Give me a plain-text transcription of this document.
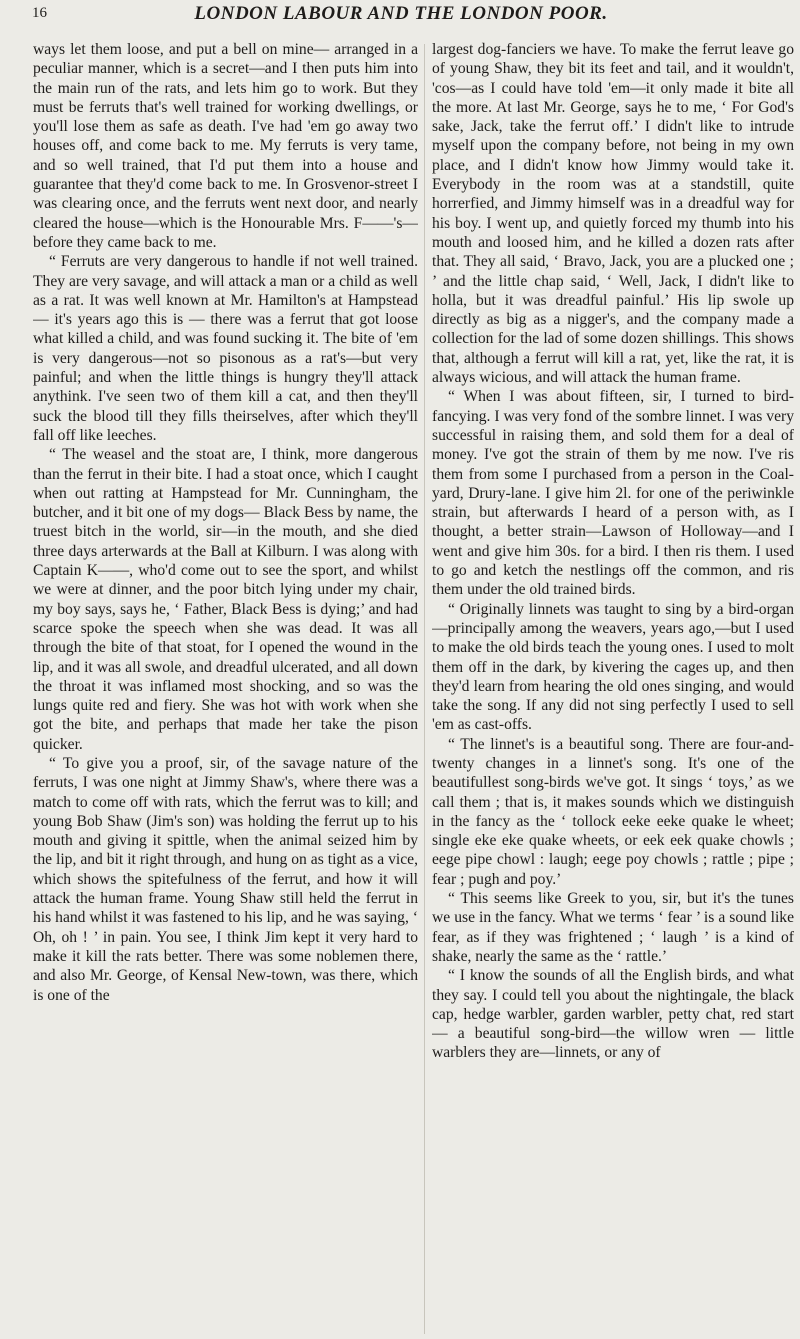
16	LONDON LABOUR AND THE LONDON POOR.

ways let them loose, and put a bell on mine— arranged in a peculiar manner, which is a secret—and I then puts him into the main run of the rats, and lets him go to work. But they must be ferruts that's well trained for working dwellings, or you'll lose them as safe as death. I've had 'em go away two houses off, and come back to me. My ferruts is very tame, and so well trained, that I'd put them into a house and guarantee that they'd come back to me. In Grosvenor-street I was clearing once, and the ferruts went next door, and nearly cleared the house—which is the Honourable Mrs. F——'s—before they came back to me.

“ Ferruts are very dangerous to handle if not well trained. They are very savage, and will attack a man or a child as well as a rat. It was well known at Mr. Hamilton's at Hampstead — it's years ago this is — there was a ferrut that got loose what killed a child, and was found sucking it. The bite of 'em is very dangerous—not so pisonous as a rat's—but very painful; and when the little things is hungry they'll attack anythink. I've seen two of them kill a cat, and then they'll suck the blood till they fills theirselves, after which they'll fall off like leeches.

“ The weasel and the stoat are, I think, more dangerous than the ferrut in their bite. I had a stoat once, which I caught when out ratting at Hampstead for Mr. Cunningham, the butcher, and it bit one of my dogs— Black Bess by name, the truest bitch in the world, sir—in the mouth, and she died three days arterwards at the Ball at Kilburn. I was along with Captain K——, who'd come out to see the sport, and whilst we were at dinner, and the poor bitch lying under my chair, my boy says, says he, ‘ Father, Black Bess is dying;’ and had scarce spoke the speech when she was dead. It was all through the bite of that stoat, for I opened the wound in the lip, and it was all swole, and dreadful ulcerated, and all down the throat it was inflamed most shocking, and so was the lungs quite red and fiery. She was hot with work when she got the bite, and perhaps that made her take the pison quicker.

“ To give you a proof, sir, of the savage nature of the ferruts, I was one night at Jimmy Shaw's, where there was a match to come off with rats, which the ferrut was to kill; and young Bob Shaw (Jim's son) was holding the ferrut up to his mouth and giving it spittle, when the animal seized him by the lip, and bit it right through, and hung on as tight as a vice, which shows the spitefulness of the ferrut, and how it will attack the human frame. Young Shaw still held the ferrut in his hand whilst it was fastened to his lip, and he was saying, ‘ Oh, oh ! ’ in pain. You see, I think Jim kept it very hard to make it kill the rats better. There was some noblemen there, and also Mr. George, of Kensal New-town, was there, which is one of the

largest dog-fanciers we have. To make the ferrut leave go of young Shaw, they bit its feet and tail, and it wouldn't, 'cos—as I could have told 'em—it only made it bite all the more. At last Mr. George, says he to me, ‘ For God's sake, Jack, take the ferrut off.’ I didn't like to intrude myself upon the company before, not being in my own place, and I didn't know how Jimmy would take it. Everybody in the room was at a standstill, quite horrerfied, and Jimmy himself was in a dreadful way for his boy. I went up, and quietly forced my thumb into his mouth and loosed him, and he killed a dozen rats after that. They all said, ‘ Bravo, Jack, you are a plucked one ; ’ and the little chap said, ‘ Well, Jack, I didn't like to holla, but it was dreadful painful.’ His lip swole up directly as big as a nigger's, and the company made a collection for the lad of some dozen shillings. This shows that, although a ferrut will kill a rat, yet, like the rat, it is always wicious, and will attack the human frame.

“ When I was about fifteen, sir, I turned to bird-fancying. I was very fond of the sombre linnet. I was very successful in raising them, and sold them for a deal of money. I've got the strain of them by me now. I've ris them from some I purchased from a person in the Coal-yard, Drury-lane. I give him 2l. for one of the periwinkle strain, but afterwards I heard of a person with, as I thought, a better strain—Lawson of Holloway—and I went and give him 30s. for a bird. I then ris them. I used to go and ketch the nestlings off the common, and ris them under the old trained birds.

“ Originally linnets was taught to sing by a bird-organ—principally among the weavers, years ago,—but I used to make the old birds teach the young ones. I used to molt them off in the dark, by kivering the cages up, and then they'd learn from hearing the old ones singing, and would take the song. If any did not sing perfectly I used to sell 'em as cast-offs.

“ The linnet's is a beautiful song. There are four-and-twenty changes in a linnet's song. It's one of the beautifullest song-birds we've got. It sings ‘ toys,’ as we call them ; that is, it makes sounds which we distinguish in the fancy as the ‘ tollock eeke eeke quake le wheet; single eke eke quake wheets, or eek eek quake chowls ; eege pipe chowl : laugh; eege poy chowls ; rattle ; pipe ; fear ; pugh and poy.’

“ This seems like Greek to you, sir, but it's the tunes we use in the fancy. What we terms ‘ fear ’ is a sound like fear, as if they was frightened ; ‘ laugh ’ is a kind of shake, nearly the same as the ‘ rattle.’

“ I know the sounds of all the English birds, and what they say. I could tell you about the nightingale, the black cap, hedge warbler, garden warbler, petty chat, red start — a beautiful song-bird—the willow wren — little warblers they are—linnets, or any of
